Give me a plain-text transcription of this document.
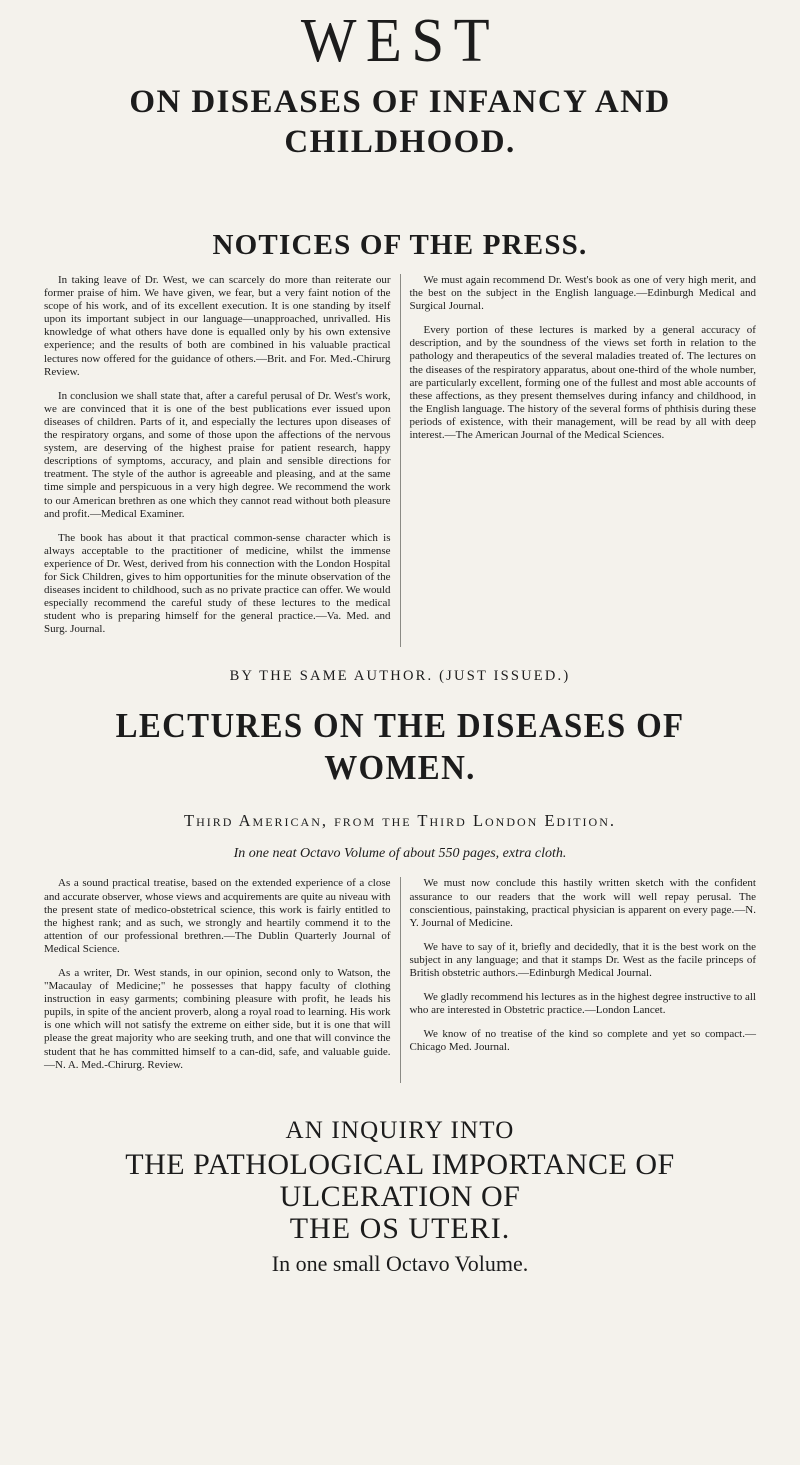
WEST
ON DISEASES OF INFANCY AND CHILDHOOD.
NOTICES OF THE PRESS.

In taking leave of Dr. West, we can scarcely do more than reiterate our former praise of him. We have given, we fear, but a very faint notion of the scope of his work, and of its excellent execution. It is one standing by itself upon its important subject in our language—unapproached, unrivalled. His knowledge of what others have done is equalled only by his own extensive experience; and the results of both are combined in his valuable practical lectures now offered for the guidance of others.—Brit. and For. Med.-Chirurg Review.

In conclusion we shall state that, after a careful perusal of Dr. West's work, we are convinced that it is one of the best publications ever issued upon diseases of children. Parts of it, and especially the lectures upon diseases of the respiratory organs, and some of those upon the affections of the nervous system, are deserving of the highest praise for patient research, happy descriptions of symptoms, accuracy, and plain and sensible directions for treatment. The style of the author is agreeable and pleasing, and at the same time simple and perspicuous in a very high degree. We recommend the work to our American brethren as one which they cannot read without both pleasure and profit.—Medical Examiner.

The book has about it that practical common-sense character which is always acceptable to the practitioner of medicine, whilst the immense experience of Dr. West, derived from his connection with the London Hospital for Sick Children, gives to him opportunities for the minute observation of the diseases incident to childhood, such as no private practice can offer. We would especially recommend the careful study of these lectures to the medical student who is preparing himself for the general practice.—Va. Med. and Surg. Journal.

We must again recommend Dr. West's book as one of very high merit, and the best on the subject in the English language.—Edinburgh Medical and Surgical Journal.

Every portion of these lectures is marked by a general accuracy of description, and by the soundness of the views set forth in relation to the pathology and therapeutics of the several maladies treated of. The lectures on the diseases of the respiratory apparatus, about one-third of the whole number, are particularly excellent, forming one of the fullest and most able accounts of these affections, as they present themselves during infancy and childhood, in the English language. The history of the several forms of phthisis during these periods of existence, with their management, will be read by all with deep interest.—The American Journal of the Medical Sciences.

BY THE SAME AUTHOR. (JUST ISSUED.)
LECTURES ON THE DISEASES OF WOMEN.
Third American, from the Third London Edition.
In one neat Octavo Volume of about 550 pages, extra cloth.

As a sound practical treatise, based on the extended experience of a close and accurate observer, whose views and acquirements are quite au niveau with the present state of medico-obstetrical science, this work is fairly entitled to the highest rank; and as such, we strongly and heartily commend it to the attention of our professional brethren.—The Dublin Quarterly Journal of Medical Science.

As a writer, Dr. West stands, in our opinion, second only to Watson, the "Macaulay of Medicine;" he possesses that happy faculty of clothing instruction in easy garments; combining pleasure with profit, he leads his pupils, in spite of the ancient proverb, along a royal road to learning. His work is one which will not satisfy the extreme on either side, but it is one that will please the great majority who are seeking truth, and one that will convince the student that he has committed himself to a can-did, safe, and valuable guide.—N. A. Med.-Chirurg. Review.

We must now conclude this hastily written sketch with the confident assurance to our readers that the work will well repay perusal. The conscientious, painstaking, practical physician is apparent on every page.—N. Y. Journal of Medicine.

We have to say of it, briefly and decidedly, that it is the best work on the subject in any language; and that it stamps Dr. West as the facile princeps of British obstetric authors.—Edinburgh Medical Journal.

We gladly recommend his lectures as in the highest degree instructive to all who are interested in Obstetric practice.—London Lancet.

We know of no treatise of the kind so complete and yet so compact.—Chicago Med. Journal.

AN INQUIRY INTO
THE PATHOLOGICAL IMPORTANCE OF ULCERATION OF
THE OS UTERI.
In one small Octavo Volume.
